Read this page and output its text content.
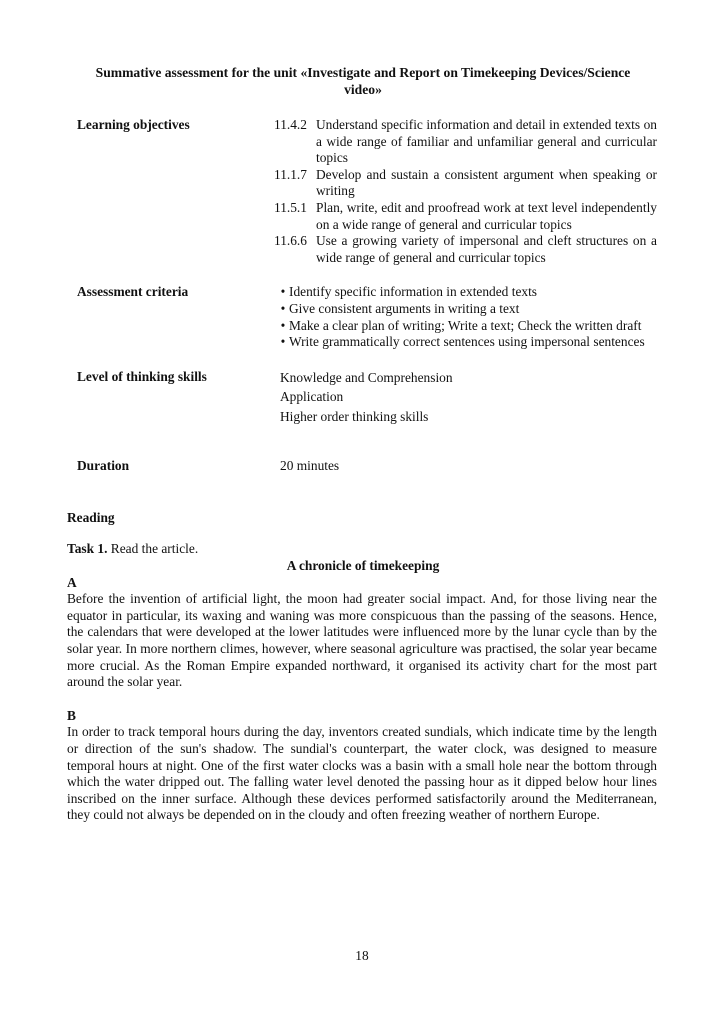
Summative assessment for the unit «Investigate and Report on Timekeeping Devices/Science video»
Learning objectives	11.4.2 Understand specific information and detail in extended texts on a wide range of familiar and unfamiliar general and curricular topics
11.1.7 Develop and sustain a consistent argument when speaking or writing
11.5.1 Plan, write, edit and proofread work at text level independently on a wide range of general and curricular topics
11.6.6 Use a growing variety of impersonal and cleft structures on a wide range of general and curricular topics
Assessment criteria	• Identify specific information in extended texts
• Give consistent arguments in writing a text
• Make a clear plan of writing; Write a text; Check the written draft
• Write grammatically correct sentences using impersonal sentences
Level of thinking skills	Knowledge and Comprehension
Application
Higher order thinking skills
Duration	20 minutes
Reading
Task 1. Read the article.
A chronicle of timekeeping
A
Before the invention of artificial light, the moon had greater social impact. And, for those living near the equator in particular, its waxing and waning was more conspicuous than the passing of the seasons. Hence, the calendars that were developed at the lower latitudes were influenced more by the lunar cycle than by the solar year. In more northern climes, however, where seasonal agriculture was practised, the solar year became more crucial. As the Roman Empire expanded northward, it organised its activity chart for the most part around the solar year.
B
In order to track temporal hours during the day, inventors created sundials, which indicate time by the length or direction of the sun's shadow. The sundial's counterpart, the water clock, was designed to measure temporal hours at night. One of the first water clocks was a basin with a small hole near the bottom through which the water dripped out. The falling water level denoted the passing hour as it dipped below hour lines inscribed on the inner surface. Although these devices performed satisfactorily around the Mediterranean, they could not always be depended on in the cloudy and often freezing weather of northern Europe.
18
